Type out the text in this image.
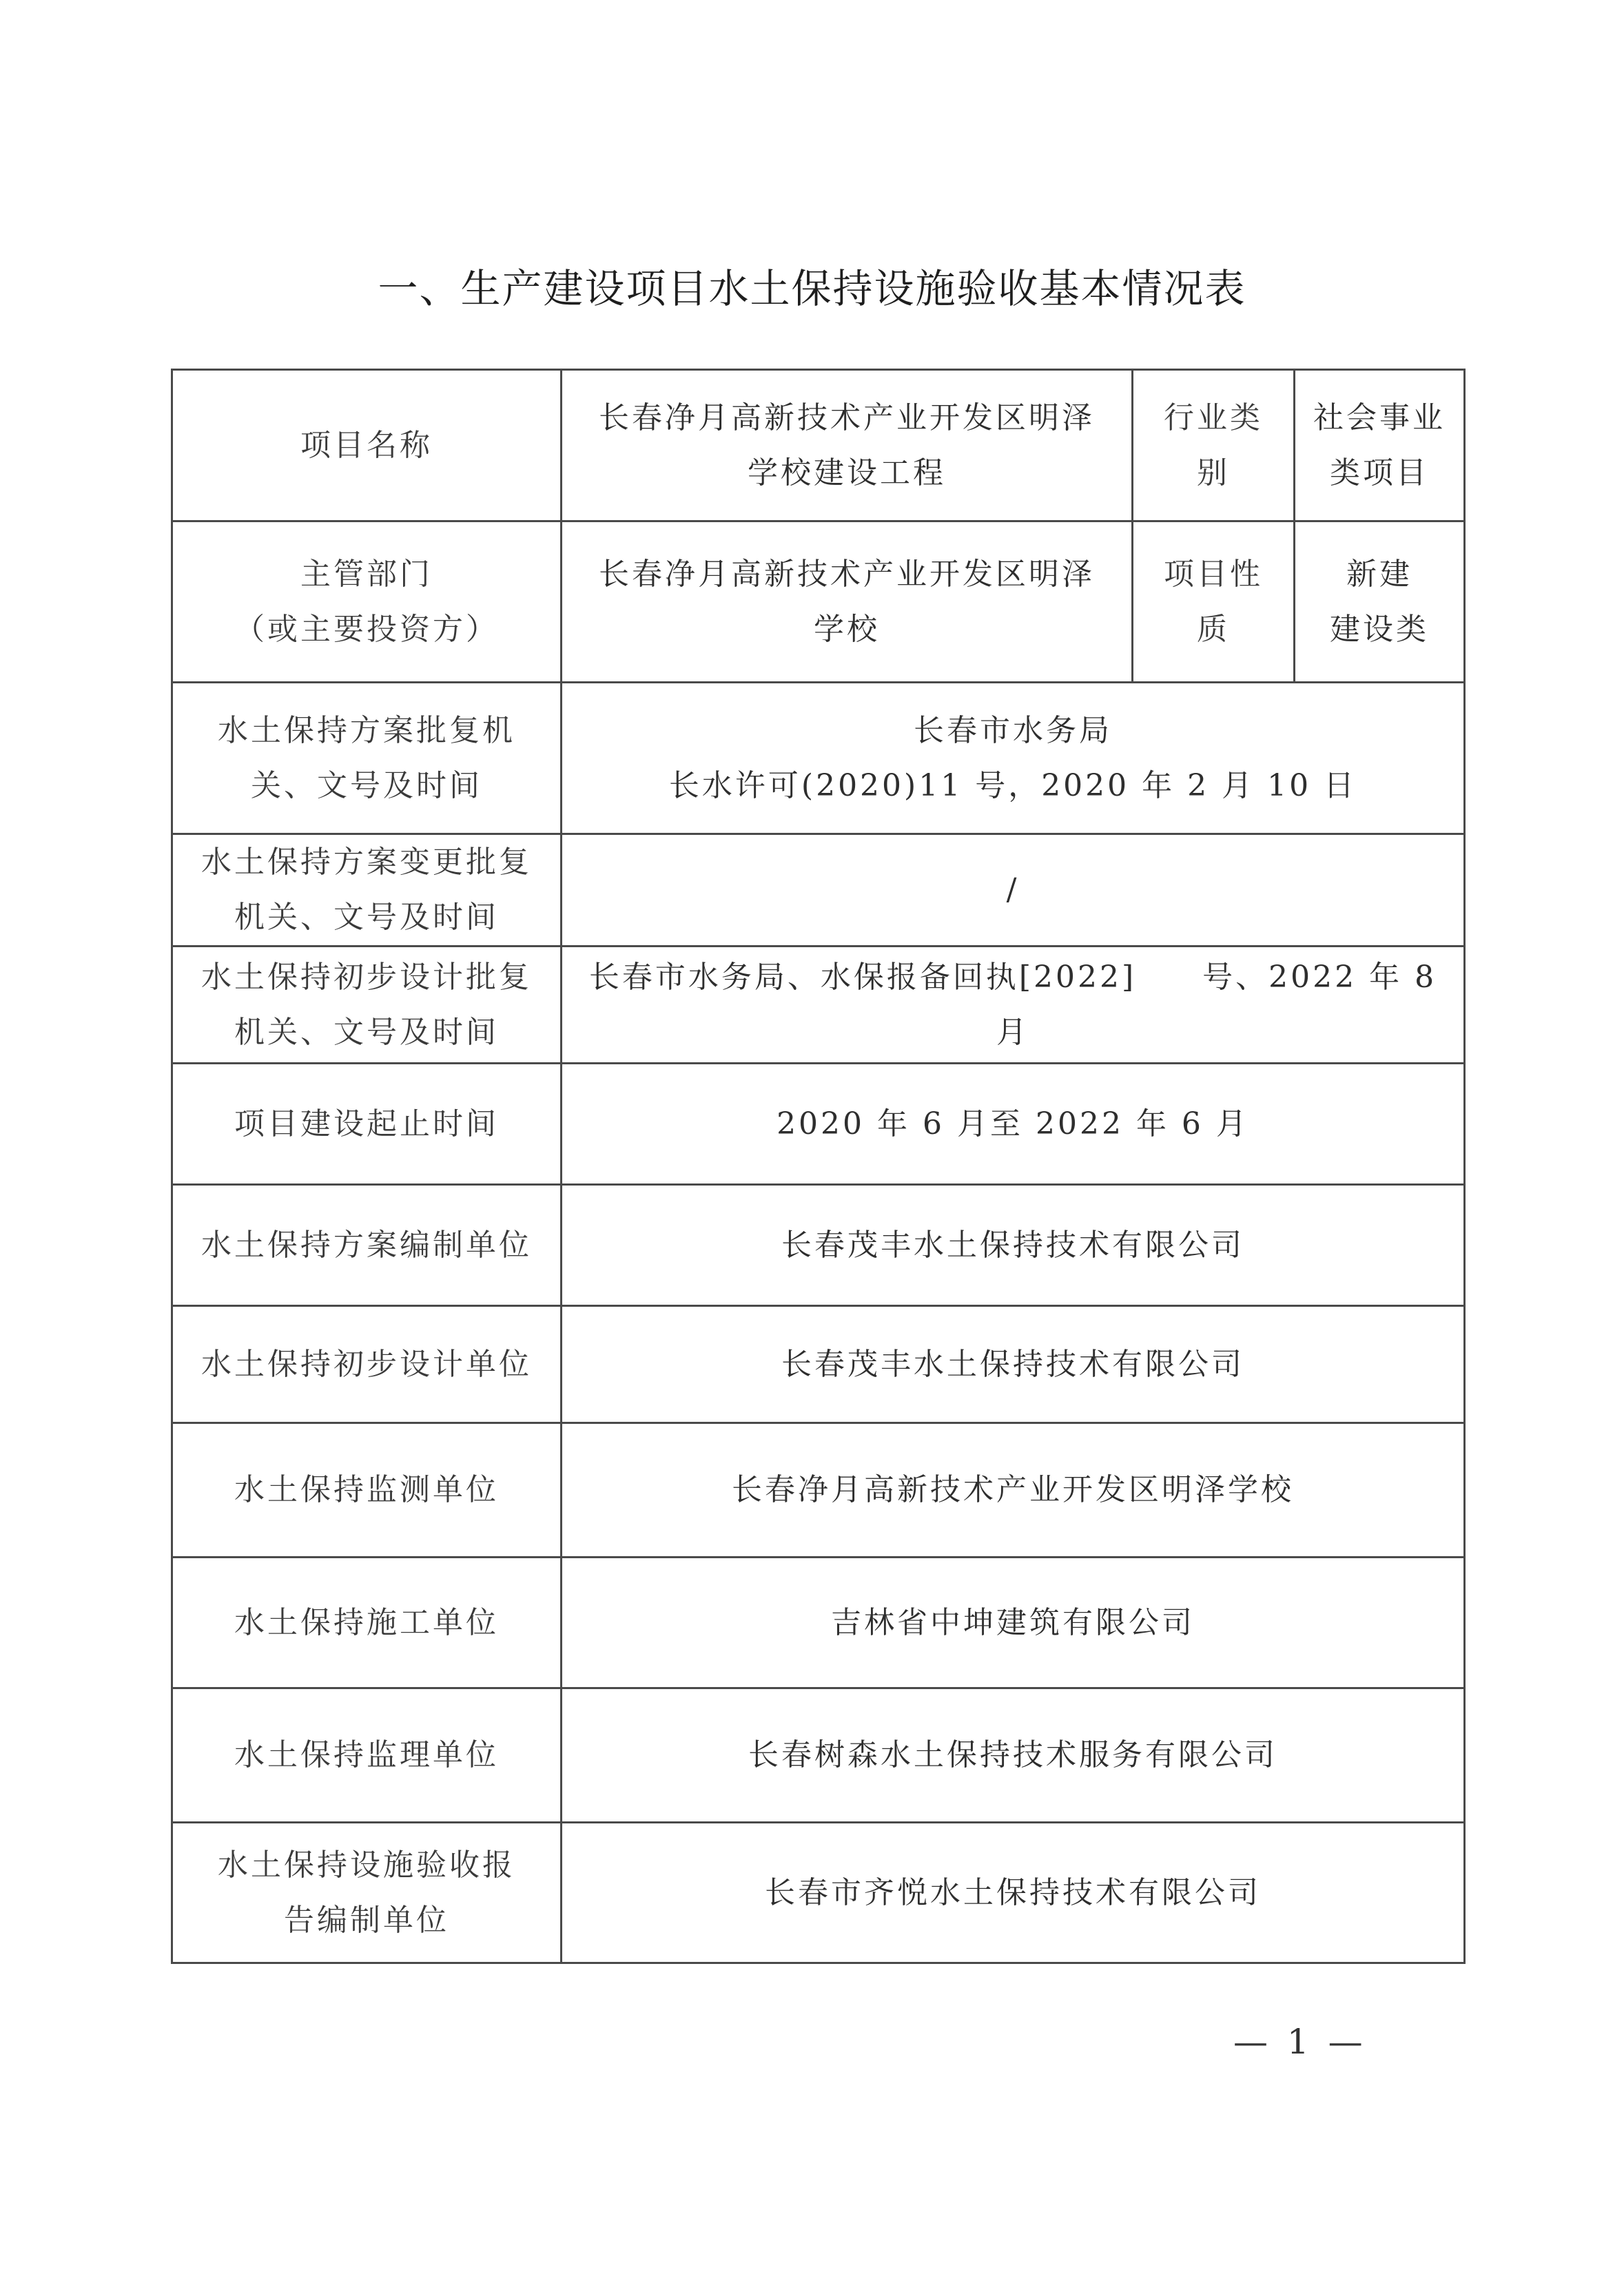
一、生产建设项目水土保持设施验收基本情况表
项目名称	长春净月高新技术产业开发区明泽
学校建设工程	行业类别	社会事业
类项目

主管部门
（或主要投资方）	长春净月高新技术产业开发区明泽
学校	项目性质	新建
建设类

水土保持方案批复机
关、文号及时间	长春市水务局
长水许可(2020)11 号，2020 年 2 月 10 日		

水土保持方案变更批复
机关、文号及时间	/		

水土保持初步设计批复
机关、文号及时间	长春市水务局、水保报备回执[2022]　　号、2022 年 8 月		
项目建设起止时间	2020 年 6 月至 2022 年 6 月		
水土保持方案编制单位	长春茂丰水土保持技术有限公司		
水土保持初步设计单位	长春茂丰水土保持技术有限公司		
水土保持监测单位	长春净月高新技术产业开发区明泽学校		
水土保持施工单位	吉林省中坤建筑有限公司		
水土保持监理单位	长春树森水土保持技术服务有限公司		

水土保持设施验收报
告编制单位	长春市齐悦水土保持技术有限公司		
— 1 —
